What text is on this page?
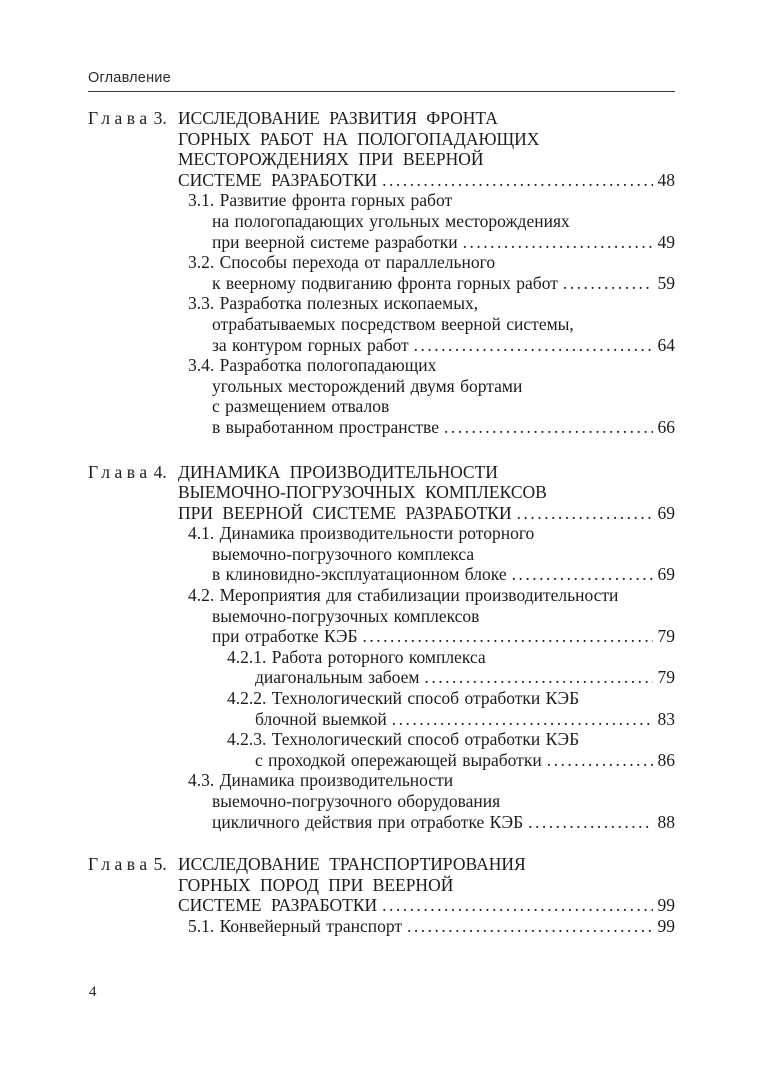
Оглавление
Глава 3. ИССЛЕДОВАНИЕ РАЗВИТИЯ ФРОНТА
ГОРНЫХ РАБОТ НА ПОЛОГОПАДАЮЩИХ
МЕСТОРОЖДЕНИЯХ ПРИ ВЕЕРНОЙ
СИСТЕМЕ РАЗРАБОТКИ .....	48
3.1. Развитие фронта горных работ
на пологопадающих угольных месторождениях
при веерной системе разработки .....	49
3.2. Способы перехода от параллельного
к веерному подвиганию фронта горных работ .....	59
3.3. Разработка полезных ископаемых,
отрабатываемых посредством веерной системы,
за контуром горных работ .....	64
3.4. Разработка пологопадающих
угольных месторождений двумя бортами
с размещением отвалов
в выработанном пространстве .....	66
Глава 4. ДИНАМИКА ПРОИЗВОДИТЕЛЬНОСТИ
ВЫЕМОЧНО-ПОГРУЗОЧНЫХ КОМПЛЕКСОВ
ПРИ ВЕЕРНОЙ СИСТЕМЕ РАЗРАБОТКИ .....	69
4.1. Динамика производительности роторного
выемочно-погрузочного комплекса
в клиновидно-эксплуатационном блоке .....	69
4.2. Мероприятия для стабилизации производительности
выемочно-погрузочных комплексов
при отработке КЭБ .....	79
4.2.1. Работа роторного комплекса
диагональным забоем .....	79
4.2.2. Технологический способ отработки КЭБ
блочной выемкой .....	83
4.2.3. Технологический способ отработки КЭБ
с проходкой опережающей выработки .....	86
4.3. Динамика производительности
выемочно-погрузочного оборудования
цикличного действия при отработке КЭБ .....	88
Глава 5. ИССЛЕДОВАНИЕ ТРАНСПОРТИРОВАНИЯ
ГОРНЫХ ПОРОД ПРИ ВЕЕРНОЙ
СИСТЕМЕ РАЗРАБОТКИ .....	99
5.1. Конвейерный транспорт .....	99
4
